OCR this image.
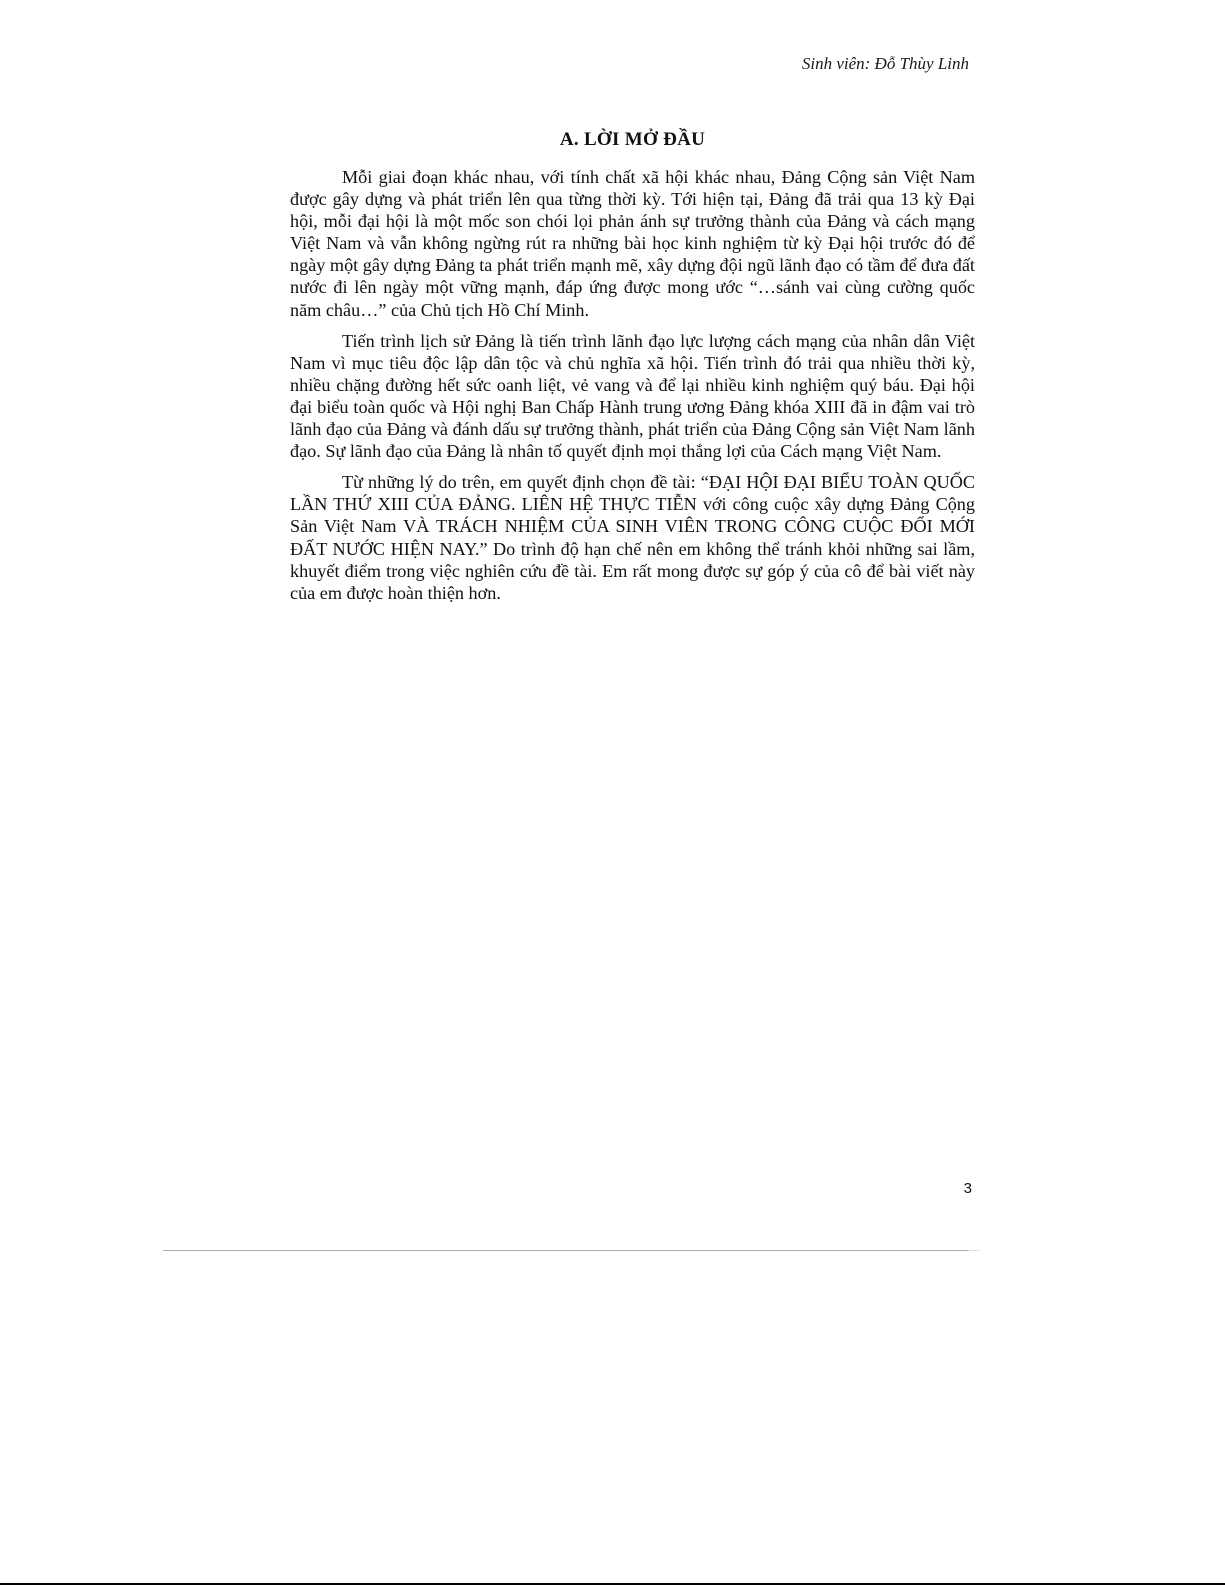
Sinh viên: Đỗ Thùy Linh
A. LỜI MỞ ĐẦU

Mỗi giai đoạn khác nhau, với tính chất xã hội khác nhau, Đảng Cộng sản Việt Nam được gây dựng và phát triển lên qua từng thời kỳ. Tới hiện tại, Đảng đã trải qua 13 kỳ Đại hội, mỗi đại hội là một mốc son chói lọi phản ánh sự trưởng thành của Đảng và cách mạng Việt Nam và vẫn không ngừng rút ra những bài học kinh nghiệm từ kỳ Đại hội trước đó để ngày một gây dựng Đảng ta phát triển mạnh mẽ, xây dựng đội ngũ lãnh đạo có tầm để đưa đất nước đi lên ngày một vững mạnh, đáp ứng được mong ước “…sánh vai cùng cường quốc năm châu…” của Chủ tịch Hồ Chí Minh.

Tiến trình lịch sử Đảng là tiến trình lãnh đạo lực lượng cách mạng của nhân dân Việt Nam vì mục tiêu độc lập dân tộc và chủ nghĩa xã hội. Tiến trình đó trải qua nhiều thời kỳ, nhiều chặng đường hết sức oanh liệt, vẻ vang và để lại nhiều kinh nghiệm quý báu. Đại hội đại biểu toàn quốc và Hội nghị Ban Chấp Hành trung ương Đảng khóa XIII đã in đậm vai trò lãnh đạo của Đảng và đánh dấu sự trưởng thành, phát triển của Đảng Cộng sản Việt Nam lãnh đạo. Sự lãnh đạo của Đảng là nhân tố quyết định mọi thắng lợi của Cách mạng Việt Nam.

Từ những lý do trên, em quyết định chọn đề tài: “ĐẠI HỘI ĐẠI BIỂU TOÀN QUỐC LẦN THỨ XIII CỦA ĐẢNG. LIÊN HỆ THỰC TIỄN với công cuộc xây dựng Đảng Cộng Sản Việt Nam VÀ TRÁCH NHIỆM CỦA SINH VIÊN TRONG CÔNG CUỘC ĐỔI MỚI ĐẤT NƯỚC HIỆN NAY.” Do trình độ hạn chế nên em không thể tránh khỏi những sai lầm, khuyết điểm trong việc nghiên cứu đề tài. Em rất mong được sự góp ý của cô để bài viết này của em được hoàn thiện hơn.

3
